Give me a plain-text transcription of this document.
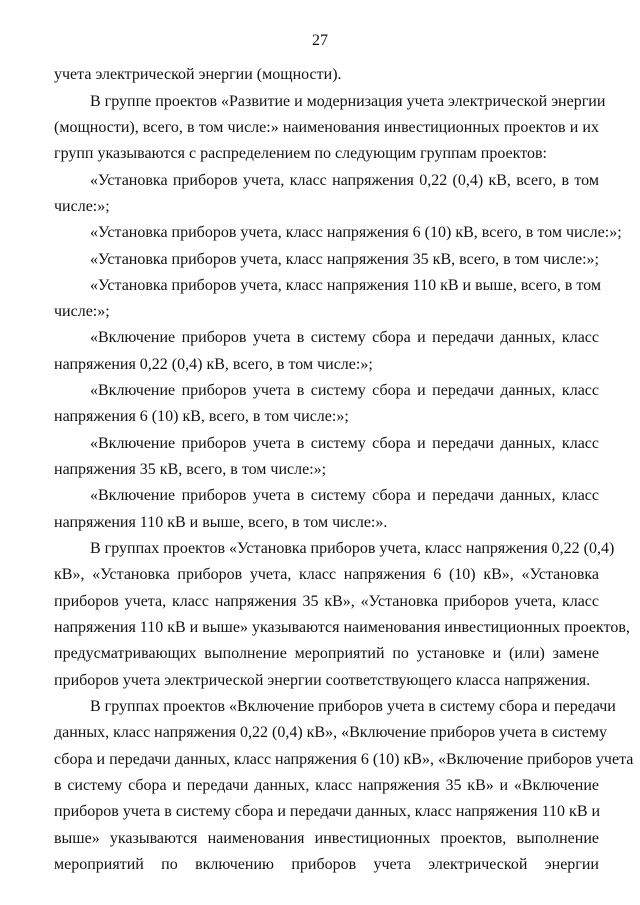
27
учета электрической энергии (мощности).
В группе проектов «Развитие и модернизация учета электрической энергии
(мощности), всего, в том числе:» наименования инвестиционных проектов и их
групп указываются с распределением по следующим группам проектов:
«Установка приборов учета, класс напряжения 0,22 (0,4) кВ, всего, в том
числе:»;
«Установка приборов учета, класс напряжения 6 (10) кВ, всего, в том числе:»;
«Установка приборов учета, класс напряжения 35 кВ, всего, в том числе:»;
«Установка приборов учета, класс напряжения 110 кВ и выше, всего, в том
числе:»;
«Включение приборов учета в систему сбора и передачи данных, класс
напряжения 0,22 (0,4) кВ, всего, в том числе:»;
«Включение приборов учета в систему сбора и передачи данных, класс
напряжения 6 (10) кВ, всего, в том числе:»;
«Включение приборов учета в систему сбора и передачи данных, класс
напряжения 35 кВ, всего, в том числе:»;
«Включение приборов учета в систему сбора и передачи данных, класс
напряжения 110 кВ и выше, всего, в том числе:».
В группах проектов «Установка приборов учета, класс напряжения 0,22 (0,4)
кВ», «Установка приборов учета, класс напряжения 6 (10) кВ», «Установка
приборов учета, класс напряжения 35 кВ», «Установка приборов учета, класс
напряжения 110 кВ и выше» указываются наименования инвестиционных проектов,
предусматривающих выполнение мероприятий по установке и (или) замене
приборов учета электрической энергии соответствующего класса напряжения.
В группах проектов «Включение приборов учета в систему сбора и передачи
данных, класс напряжения 0,22 (0,4) кВ», «Включение приборов учета в систему
сбора и передачи данных, класс напряжения 6 (10) кВ», «Включение приборов учета
в систему сбора и передачи данных, класс напряжения 35 кВ» и «Включение
приборов учета в систему сбора и передачи данных, класс напряжения 110 кВ и
выше» указываются наименования инвестиционных проектов, выполнение
мероприятий по включению приборов учета электрической энергии
